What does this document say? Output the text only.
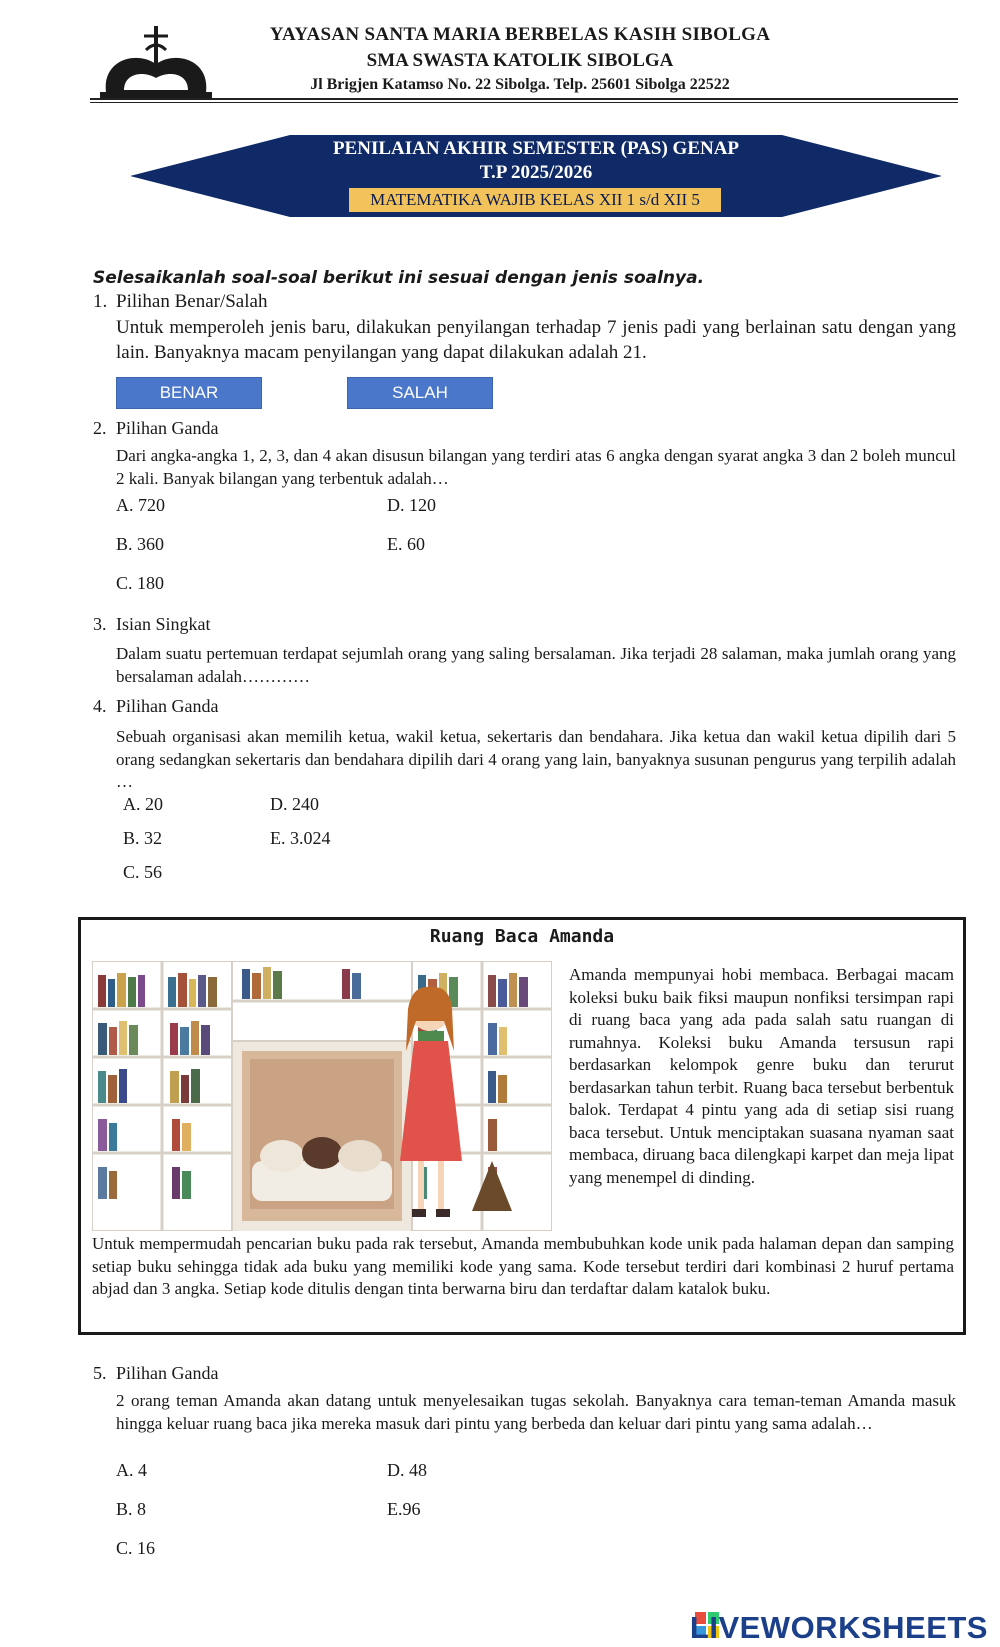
YAYASAN SANTA MARIA BERBELAS KASIH SIBOLGA
SMA SWASTA KATOLIK SIBOLGA
Jl Brigjen Katamso No. 22 Sibolga. Telp. 25601 Sibolga 22522
PENILAIAN AKHIR SEMESTER (PAS) GENAP
T.P 2025/2026
MATEMATIKA WAJIB KELAS XII 1 s/d XII 5
Selesaikanlah soal-soal berikut ini sesuai dengan jenis soalnya.
1. Pilihan Benar/Salah
Untuk memperoleh jenis baru, dilakukan penyilangan terhadap 7 jenis padi yang berlainan satu dengan yang lain. Banyaknya macam penyilangan yang dapat dilakukan adalah 21.
BENAR	SALAH
2. Pilihan Ganda
Dari angka-angka 1, 2, 3, dan 4 akan disusun bilangan yang terdiri atas 6 angka dengan syarat angka 3 dan 2 boleh muncul 2 kali. Banyak bilangan yang terbentuk adalah…
A. 720	D. 120
B. 360	E. 60
C. 180
3. Isian Singkat
Dalam suatu pertemuan terdapat sejumlah orang yang saling bersalaman. Jika terjadi 28 salaman, maka jumlah orang yang bersalaman adalah…………
4. Pilihan Ganda
Sebuah organisasi akan memilih ketua, wakil ketua, sekertaris dan bendahara. Jika ketua dan wakil ketua dipilih dari 5 orang sedangkan sekertaris dan bendahara dipilih dari 4 orang yang lain, banyaknya susunan pengurus yang terpilih adalah …
A. 20	D. 240
B. 32	E. 3.024
C. 56
Ruang Baca Amanda
Amanda mempunyai hobi membaca. Berbagai macam koleksi buku baik fiksi maupun nonfiksi tersimpan rapi di ruang baca yang ada pada salah satu ruangan di rumahnya. Koleksi buku Amanda tersusun rapi berdasarkan kelompok genre buku dan terurut berdasarkan tahun terbit. Ruang baca tersebut berbentuk balok. Terdapat 4 pintu yang ada di setiap sisi ruang baca tersebut. Untuk menciptakan suasana nyaman saat membaca, diruang baca dilengkapi karpet dan meja lipat yang menempel di dinding.
Untuk mempermudah pencarian buku pada rak tersebut, Amanda membubuhkan kode unik pada halaman depan dan samping setiap buku sehingga tidak ada buku yang memiliki kode yang sama. Kode tersebut terdiri dari kombinasi 2 huruf pertama abjad dan 3 angka. Setiap kode ditulis dengan tinta berwarna biru dan terdaftar dalam katalok buku.
5. Pilihan Ganda
2 orang teman Amanda akan datang untuk menyelesaikan tugas sekolah. Banyaknya cara teman-teman Amanda masuk hingga keluar ruang baca jika mereka masuk dari pintu yang berbeda dan keluar dari pintu yang sama adalah…
A. 4	D. 48
B. 8	E.96
C. 16
LIVEWORKSHEETS
